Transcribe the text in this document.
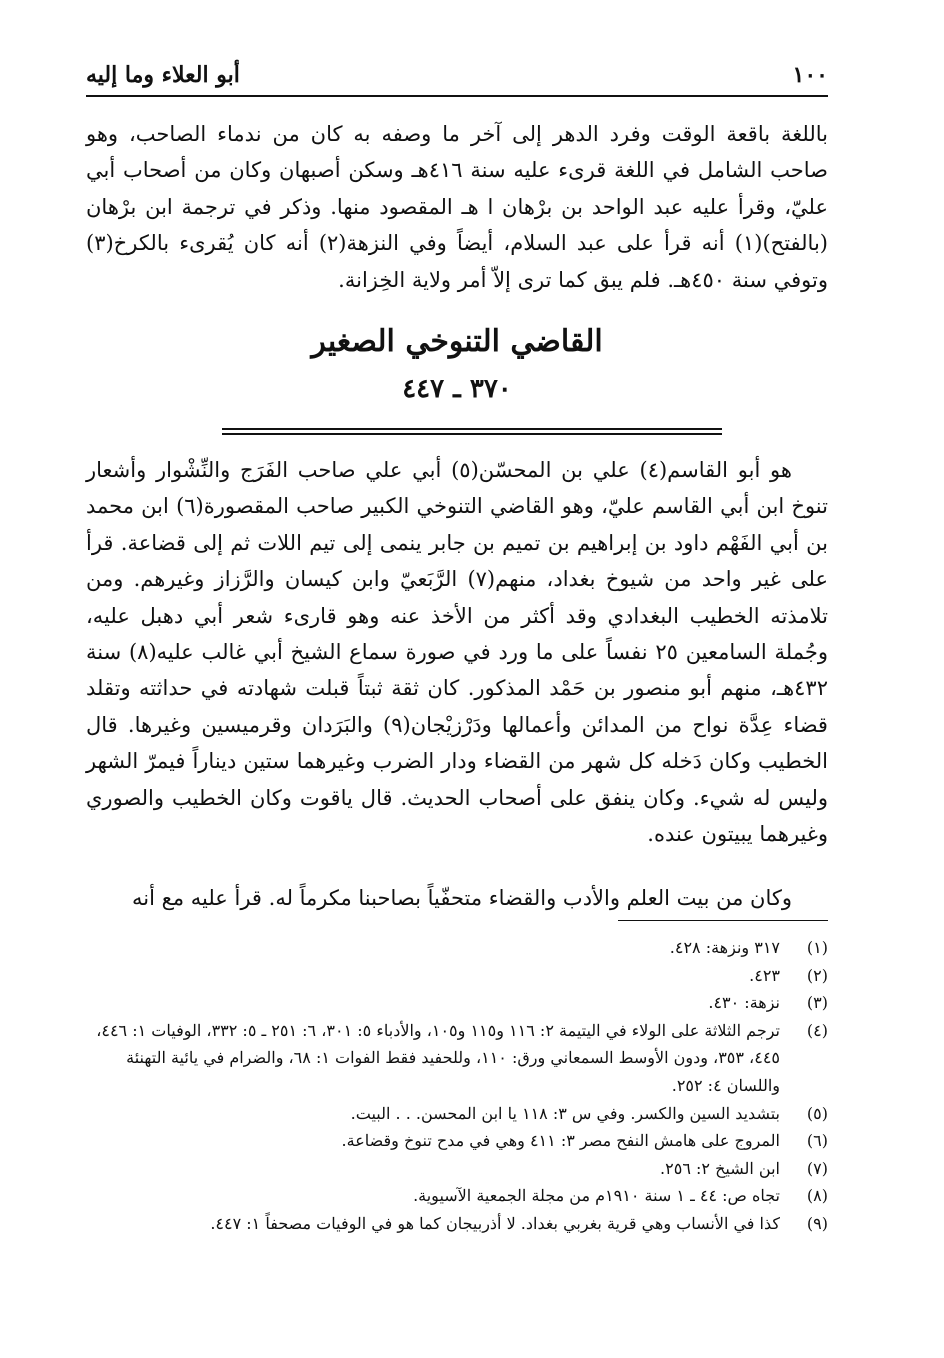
١٠٠
أبو العلاء وما إليه
باللغة باقعة الوقت وفرد الدهر إلى آخر ما وصفه به كان من ندماء الصاحب، وهو صاحب الشامل في اللغة قرىء عليه سنة ٤١٦هـ وسكن أصبهان وكان من أصحاب أبي عليّ، وقرأ عليه عبد الواحد بن برْهان ا هـ المقصود منها. وذكر في ترجمة ابن برْهان (بالفتح)(١) أنه قرأ على عبد السلام، أيضاً وفي النزهة(٢) أنه كان يُقرىء بالكرخ(٣) وتوفي سنة ٤٥٠هـ. فلم يبق كما ترى إلاّ أمر ولاية الخِزانة.
القاضي التنوخي الصغير
٣٧٠ ـ ٤٤٧
هو أبو القاسم(٤) علي بن المحسّن(٥) أبي علي صاحب الفَرَج والنِّشْوار وأشعار تنوخ ابن أبي القاسم عليّ، وهو القاضي التنوخي الكبير صاحب المقصورة(٦) ابن محمد بن أبي الفَهْم داود بن إبراهيم بن تميم بن جابر ينمى إلى تيم اللات ثم إلى قضاعة. قرأ على غير واحد من شيوخ بغداد، منهم(٧) الرَّبَعيّ وابن كيسان والرَّزاز وغيرهم. ومن تلامذته الخطيب البغدادي وقد أكثر من الأخذ عنه وهو قارىء شعر أبي دهبل عليه، وجُملة السامعين ٢٥ نفساً على ما ورد في صورة سماع الشيخ أبي غالب عليه(٨) سنة ٤٣٢هـ، منهم أبو منصور بن حَمْد المذكور. كان ثقة ثبتاً قبلت شهادته في حداثته وتقلد قضاء عِدَّة نواح من المدائن وأعمالها ودَرْزيْجان(٩) والبَرَدان وقرميسين وغيرها. قال الخطيب وكان دَخله كل شهر من القضاء ودار الضرب وغيرهما ستين ديناراً فيمرّ الشهر وليس له شيء. وكان ينفق على أصحاب الحديث. قال ياقوت وكان الخطيب والصوري وغيرهما يبيتون عنده.
وكان من بيت العلم والأدب والقضاء متحفّياً بصاحبنا مكرماً له. قرأ عليه مع أنه
(١)
٣١٧ ونزهة: ٤٢٨.
(٢)
٤٢٣.
(٣)
نزهة: ٤٣٠.
(٤)
ترجم الثلاثة على الولاء في اليتيمة ٢: ١١٦ و١١٥ و١٠٥، والأدباء ٥: ٣٠١، ٦: ٢٥١ ـ ٥: ٣٣٢، الوفيات ١: ٤٤٦، ٤٤٥، ٣٥٣، ودون الأوسط السمعاني ورق: ١١٠، وللحفيد فقط الفوات ١: ٦٨، والضرام في يائية التهنئة واللسان ٤: ٢٥٢.
(٥)
بتشديد السين والكسر. وفي س ٣: ١١٨ يا ابن المحسن. . . البيت.
(٦)
المروج على هامش النفح مصر ٣: ٤١١ وهي في مدح تنوخ وقضاعة.
(٧)
ابن الشيخ ٢: ٢٥٦.
(٨)
تجاه ص: ٤٤ ـ ١ سنة ١٩١٠م من مجلة الجمعية الآسيوية.
(٩)
كذا في الأنساب وهي قرية بغربي بغداد. لا أذربيجان كما هو في الوفيات مصحفاً ١: ٤٤٧.
